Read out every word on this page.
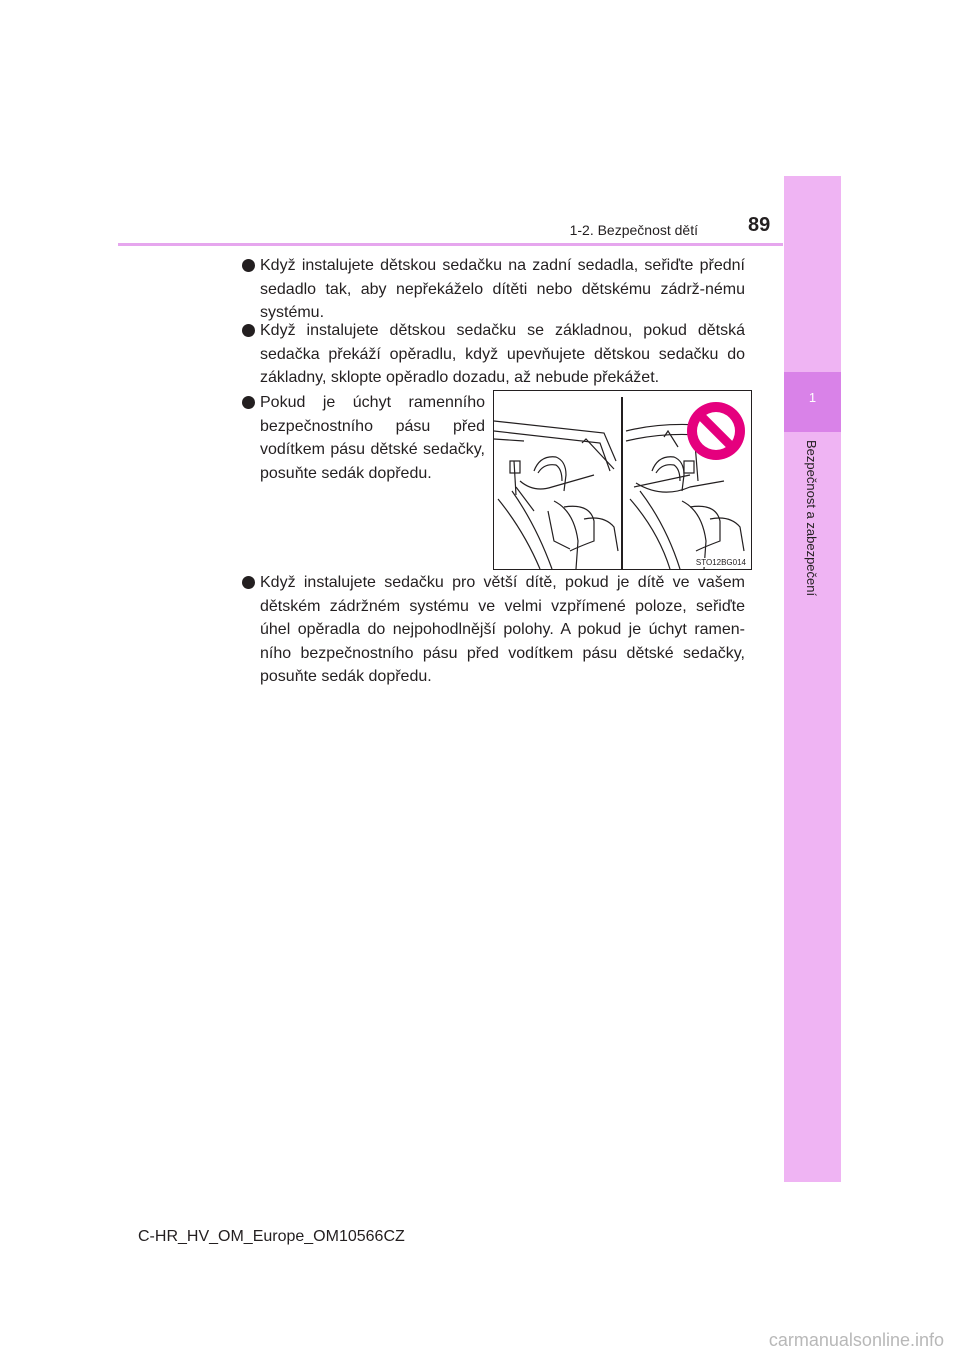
1
Bezpečnost a zabezpečení
1-2. Bezpečnost dětí	89
Když instalujete dětskou sedačku na zadní sedadla, seřiďte přední sedadlo tak, aby nepřekáželo dítěti nebo dětskému zádrž-nému systému.
Když instalujete dětskou sedačku se základnou, pokud dětská sedačka překáží opěradlu, když upevňujete dětskou sedačku do základny, sklopte opěradlo dozadu, až nebude překážet.
Pokud je úchyt ramenního bezpečnostního pásu před vodítkem pásu dětské sedačky, posuňte sedák dopředu.
STO12BG014
Když instalujete sedačku pro větší dítě, pokud je dítě ve vašem dětském zádržném systému ve velmi vzpřímené poloze, seřiďte úhel opěradla do nejpohodlnější polohy. A pokud je úchyt ramen-ního bezpečnostního pásu před vodítkem pásu dětské sedačky, posuňte sedák dopředu.
C-HR_HV_OM_Europe_OM10566CZ
carmanualsonline.info
